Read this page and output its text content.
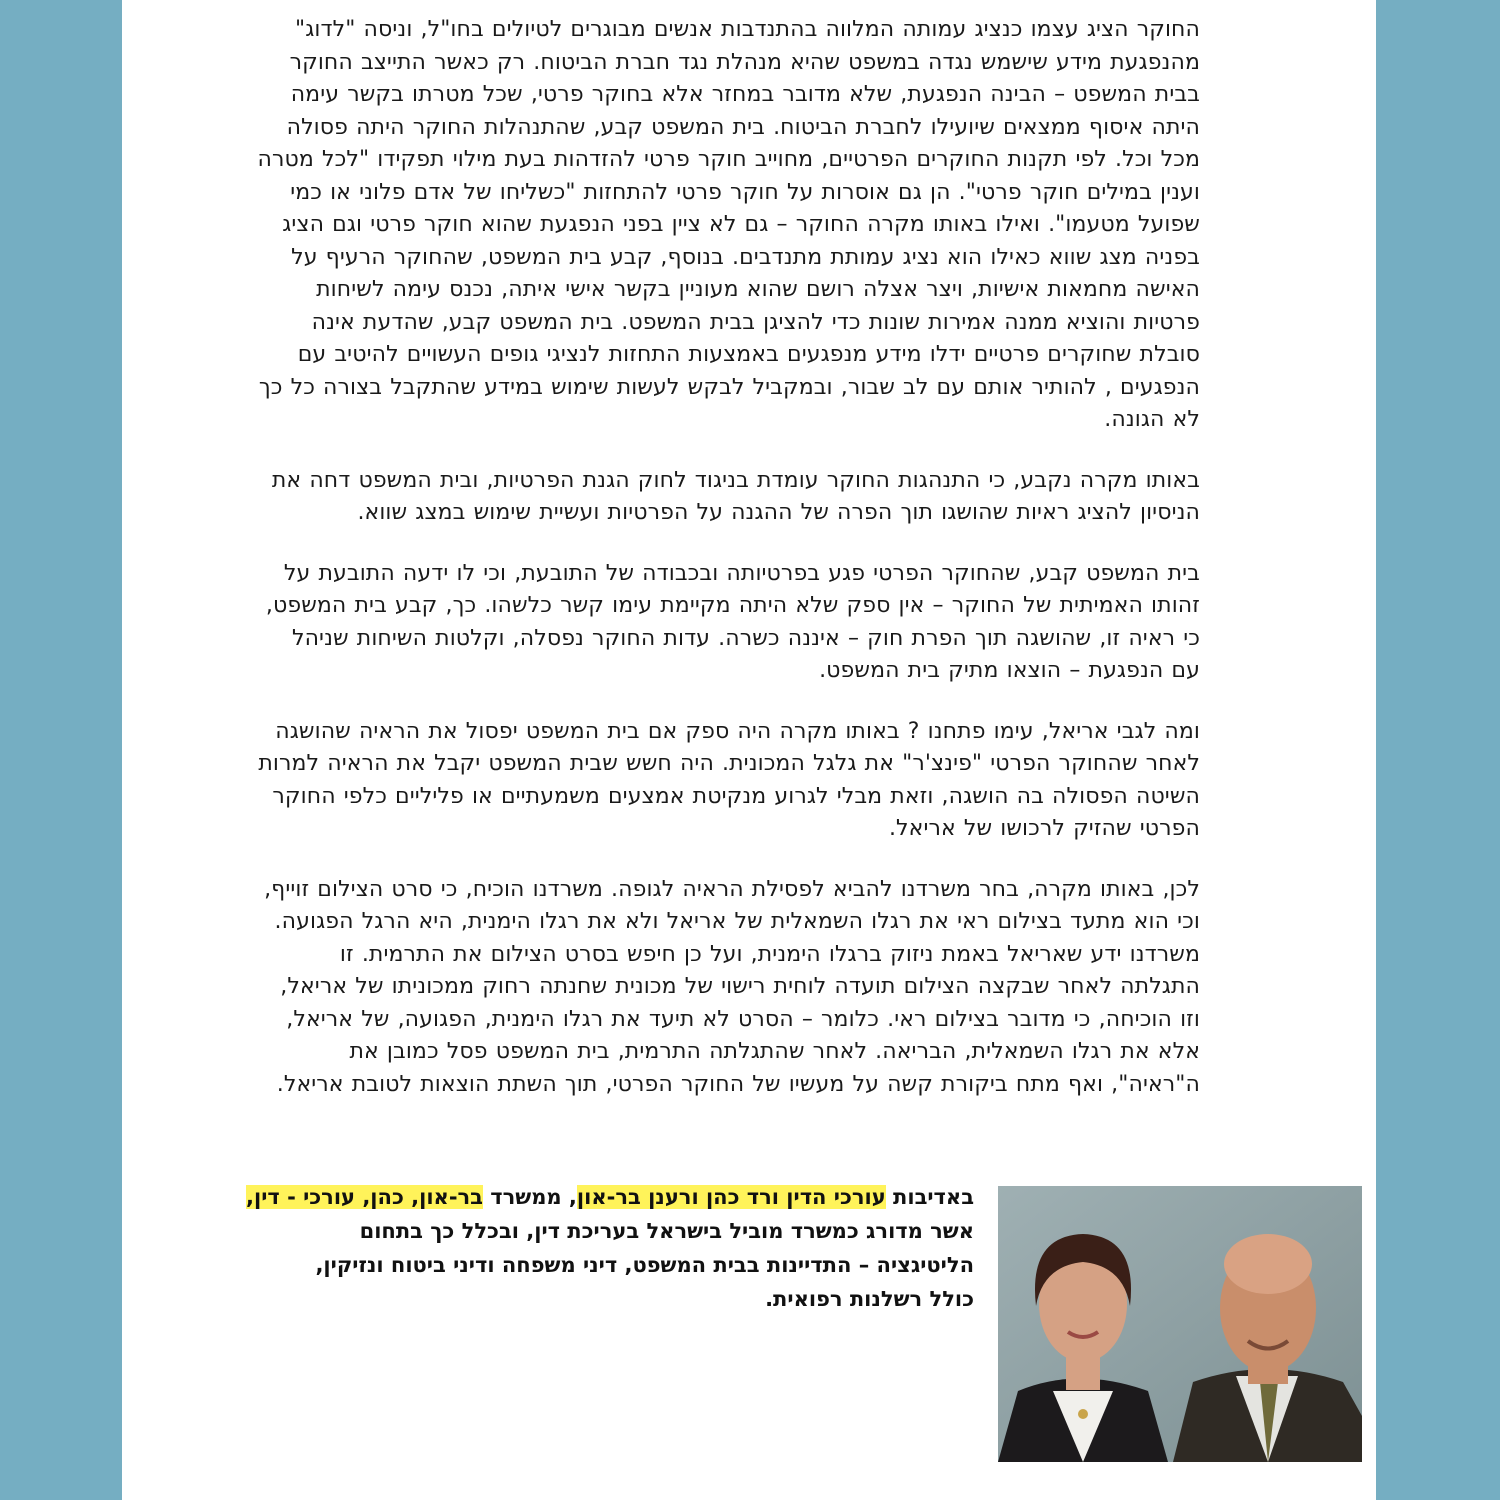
החוקר הציג עצמו כנציג עמותה המלווה בהתנדבות אנשים מבוגרים לטיולים בחו"ל, וניסה "לדוג"
מהנפגעת מידע שישמש נגדה במשפט שהיא מנהלת נגד חברת הביטוח. רק כאשר התייצב החוקר
בבית המשפט – הבינה הנפגעת, שלא מדובר במחזר אלא בחוקר פרטי, שכל מטרתו בקשר עימה
היתה איסוף ממצאים שיועילו לחברת הביטוח. בית המשפט קבע, שהתנהלות החוקר היתה פסולה
מכל וכל. לפי תקנות החוקרים הפרטיים, מחוייב חוקר פרטי להזדהות בעת מילוי תפקידו "לכל מטרה
וענין במילים חוקר פרטי". הן גם אוסרות על חוקר פרטי להתחזות "כשליחו של אדם פלוני או כמי
שפועל מטעמו". ואילו באותו מקרה החוקר – גם לא ציין בפני הנפגעת שהוא חוקר פרטי וגם הציג
בפניה מצג שווא כאילו הוא נציג עמותת מתנדבים. בנוסף, קבע בית המשפט, שהחוקר הרעיף על
האישה מחמאות אישיות, ויצר אצלה רושם שהוא מעוניין בקשר אישי איתה, נכנס עימה לשיחות
פרטיות והוציא ממנה אמירות שונות כדי להציגן בבית המשפט. בית המשפט קבע, שהדעת אינה
סובלת שחוקרים פרטיים ידלו מידע מנפגעים באמצעות התחזות לנציגי גופים העשויים להיטיב עם
הנפגעים , להותיר אותם עם לב שבור, ובמקביל לבקש לעשות שימוש במידע שהתקבל בצורה כל כך
לא הגונה.

באותו מקרה נקבע, כי התנהגות החוקר עומדת בניגוד לחוק הגנת הפרטיות, ובית המשפט דחה את
הניסיון להציג ראיות שהושגו תוך הפרה של ההגנה על הפרטיות ועשיית שימוש במצג שווא.

בית המשפט קבע, שהחוקר הפרטי פגע בפרטיותה ובכבודה של התובעת, וכי לו ידעה התובעת על
זהותו האמיתית של החוקר – אין ספק שלא היתה מקיימת עימו קשר כלשהו. כך, קבע בית המשפט,
כי ראיה זו, שהושגה תוך הפרת חוק – איננה כשרה. עדות החוקר נפסלה, וקלטות השיחות שניהל
עם הנפגעת – הוצאו מתיק בית המשפט.

ומה לגבי אריאל, עימו פתחנו ? באותו מקרה היה ספק אם בית המשפט יפסול את הראיה שהושגה
לאחר שהחוקר הפרטי "פינצ'ר" את גלגל המכונית. היה חשש שבית המשפט יקבל את הראיה למרות
השיטה הפסולה בה הושגה, וזאת מבלי לגרוע מנקיטת אמצעים משמעתיים או פליליים כלפי החוקר
הפרטי שהזיק לרכושו של אריאל.

לכן, באותו מקרה, בחר משרדנו להביא לפסילת הראיה לגופה. משרדנו הוכיח, כי סרט הצילום זוייף,
וכי הוא מתעד בצילום ראי את רגלו השמאלית של אריאל ולא את רגלו הימנית, היא הרגל הפגועה.
משרדנו ידע שאריאל באמת ניזוק ברגלו הימנית, ועל כן חיפש בסרט הצילום את התרמית. זו
התגלתה לאחר שבקצה הצילום תועדה לוחית רישוי של מכונית שחנתה רחוק ממכוניתו של אריאל,
וזו הוכיחה, כי מדובר בצילום ראי. כלומר – הסרט לא תיעד את רגלו הימנית, הפגועה, של אריאל,
אלא את רגלו השמאלית, הבריאה. לאחר שהתגלתה התרמית, בית המשפט פסל כמובן את
ה"ראיה", ואף מתח ביקורת קשה על מעשיו של החוקר הפרטי, תוך השתת הוצאות לטובת אריאל.

באדיבות עורכי הדין ורד כהן ורענן בר-און, ממשרד בר-און, כהן, עורכי - דין,
אשר מדורג כמשרד מוביל בישראל בעריכת דין, ובכלל כך בתחום
הליטיגציה – התדיינות בבית המשפט, דיני משפחה ודיני ביטוח ונזיקין,
כולל רשלנות רפואית.
